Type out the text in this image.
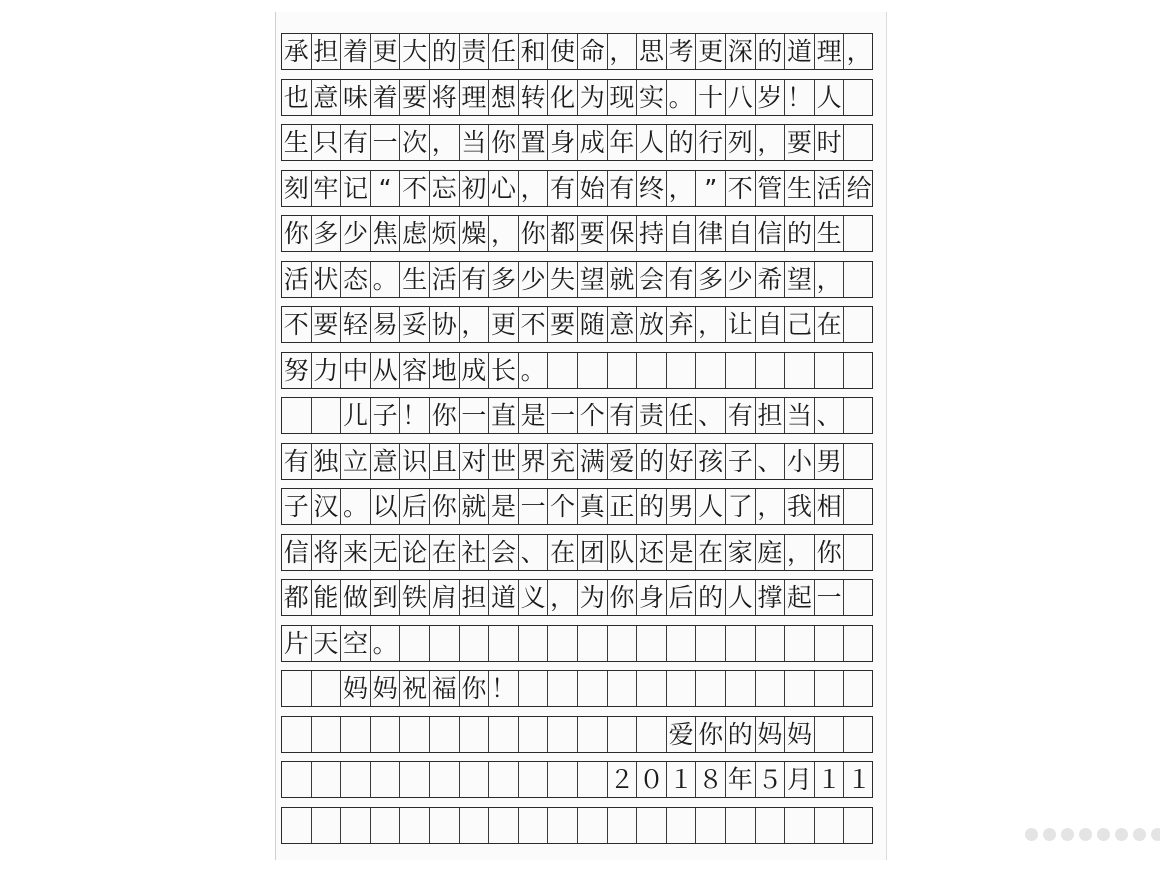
承 担 着 更 大 的 责 任 和 使 命 ， 思 考 更 深 的 道 理 ，
也 意 味 着 要 将 理 想 转 化 为 现 实 。 十 八 岁 ！ 人
生 只 有 一 次 ， 当 你 置 身 成 年 人 的 行 列 ， 要 时
刻 牢 记 “ 不 忘 初 心 ， 有 始 有 终 ， ” 不 管 生 活 给
你 多 少 焦 虑 烦 燥 ， 你 都 要 保 持 自 律 自 信 的 生
活 状 态 。 生 活 有 多 少 失 望 就 会 有 多 少 希 望 ，
不 要 轻 易 妥 协 ， 更 不 要 随 意 放 弃 ， 让 自 己 在
努 力 中 从 容 地 成 长 。
儿 子 ！ 你 一 直 是 一 个 有 责 任 、 有 担 当 、
有 独 立 意 识 且 对 世 界 充 满 爱 的 好 孩 子 、 小 男
子 汉 。 以 后 你 就 是 一 个 真 正 的 男 人 了 ， 我 相
信 将 来 无 论 在 社 会 、 在 团 队 还 是 在 家 庭 ， 你
都 能 做 到 铁 肩 担 道 义 ， 为 你 身 后 的 人 撑 起 一
片 天 空 。
妈 妈 祝 福 你 ！
爱 你 的 妈 妈
２ ０ １ ８ 年 ５ 月 １ １
